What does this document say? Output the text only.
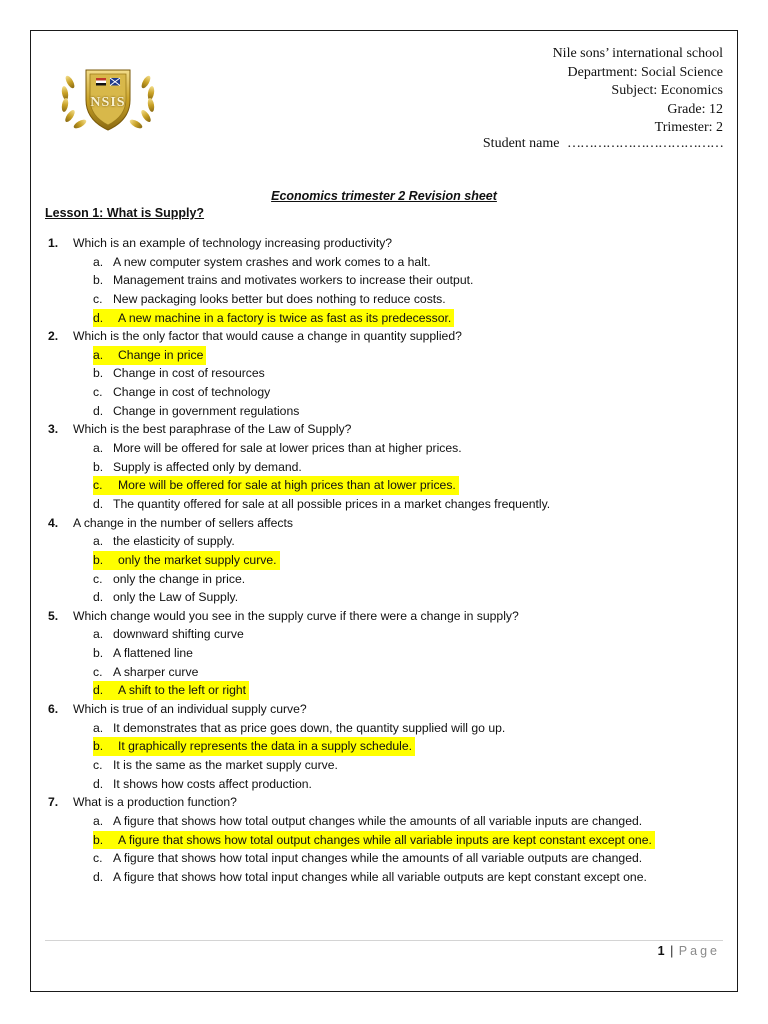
NSIS
Nile sons’ international school
Department: Social Science
Subject: Economics
Grade: 12
Trimester: 2
Student name ………………………………
Economics trimester 2 Revision sheet
Lesson 1: What is Supply?
1. Which is an example of technology increasing productivity?
a. A new computer system crashes and work comes to a halt.
b. Management trains and motivates workers to increase their output.
c. New packaging looks better but does nothing to reduce costs.
d. A new machine in a factory is twice as fast as its predecessor.
2. Which is the only factor that would cause a change in quantity supplied?
a. Change in price
b. Change in cost of resources
c. Change in cost of technology
d. Change in government regulations
3. Which is the best paraphrase of the Law of Supply?
a. More will be offered for sale at lower prices than at higher prices.
b. Supply is affected only by demand.
c. More will be offered for sale at high prices than at lower prices.
d. The quantity offered for sale at all possible prices in a market changes frequently.
4. A change in the number of sellers affects
a. the elasticity of supply.
b. only the market supply curve.
c. only the change in price.
d. only the Law of Supply.
5. Which change would you see in the supply curve if there were a change in supply?
a. downward shifting curve
b. A flattened line
c. A sharper curve
d. A shift to the left or right
6. Which is true of an individual supply curve?
a. It demonstrates that as price goes down, the quantity supplied will go up.
b. It graphically represents the data in a supply schedule.
c. It is the same as the market supply curve.
d. It shows how costs affect production.
7. What is a production function?
a. A figure that shows how total output changes while the amounts of all variable inputs are changed.
b. A figure that shows how total output changes while all variable inputs are kept constant except one.
c. A figure that shows how total input changes while the amounts of all variable outputs are changed.
d. A figure that shows how total input changes while all variable outputs are kept constant except one.
1 | Page
